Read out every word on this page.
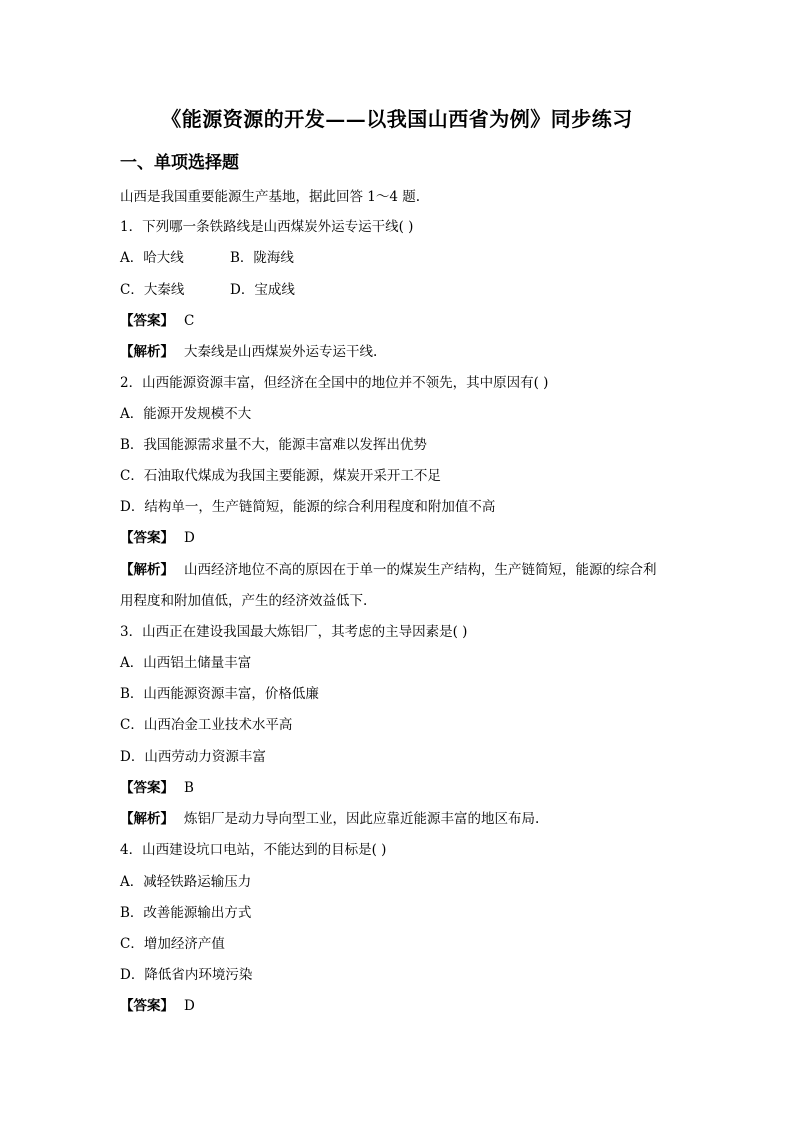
《能源资源的开发——以我国山西省为例》同步练习
一、单项选择题
山西是我国重要能源生产基地，据此回答 1～4 题.
1．下列哪一条铁路线是山西煤炭外运专运干线( )
A．哈大线	B．陇海线
C．大秦线	D．宝成线
【答案】 C
【解析】 大秦线是山西煤炭外运专运干线.
2．山西能源资源丰富，但经济在全国中的地位并不领先，其中原因有( )
A．能源开发规模不大
B．我国能源需求量不大，能源丰富难以发挥出优势
C．石油取代煤成为我国主要能源，煤炭开采开工不足
D．结构单一，生产链简短，能源的综合利用程度和附加值不高
【答案】 D
【解析】 山西经济地位不高的原因在于单一的煤炭生产结构，生产链简短，能源的综合利
用程度和附加值低，产生的经济效益低下.
3．山西正在建设我国最大炼铝厂，其考虑的主导因素是( )
A．山西铝土储量丰富
B．山西能源资源丰富，价格低廉
C．山西冶金工业技术水平高
D．山西劳动力资源丰富
【答案】 B
【解析】 炼铝厂是动力导向型工业，因此应靠近能源丰富的地区布局.
4．山西建设坑口电站，不能达到的目标是( )
A．减轻铁路运输压力
B．改善能源输出方式
C．增加经济产值
D．降低省内环境污染
【答案】 D
